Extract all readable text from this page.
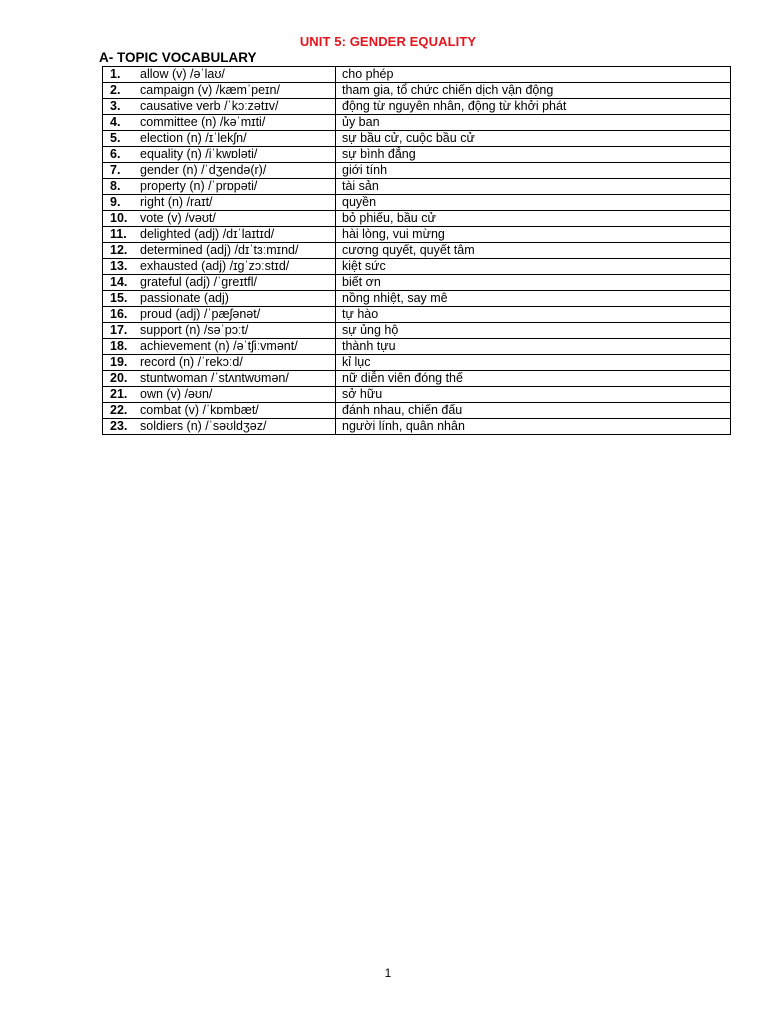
UNIT 5: GENDER EQUALITY
A- TOPIC VOCABULARY
1. allow (v) /əˈlaʊ/	cho phép
2. campaign (v) /kæmˈpeɪn/	tham gia, tổ chức chiến dịch vận động
3. causative verb /ˈkɔːzətɪv/	động từ nguyên nhân, động từ khởi phát
4. committee (n) /kəˈmɪti/	ủy ban
5. election (n) /ɪˈlekʃn/	sự bầu cử, cuộc bầu cử
6. equality (n) /iˈkwɒləti/	sự bình đẳng
7. gender (n) /ˈdʒendə(r)/	giới tính
8. property (n) /ˈprɒpəti/	tài sản
9. right (n) /raɪt/	quyền
10. vote (v) /vəʊt/	bỏ phiếu, bầu cử
11. delighted (adj) /dɪˈlaɪtɪd/	hài lòng, vui mừng
12. determined (adj) /dɪˈtɜːmɪnd/	cương quyết, quyết tâm
13. exhausted (adj) /ɪɡˈzɔːstɪd/	kiệt sức
14. grateful (adj) /ˈɡreɪtfl/	biết ơn
15. passionate (adj)	nồng nhiệt, say mê
16. proud (adj) /ˈpæʃənət/	tự hào
17. support (n) /səˈpɔːt/	sự ủng hộ
18. achievement (n) /əˈtʃiːvmənt/	thành tựu
19. record (n) /ˈrekɔːd/	kỉ lục
20. stuntwoman /ˈstʌntwʊmən/	nữ diễn viên đóng thế
21. own (v) /əʊn/	sở hữu
22. combat (v) /ˈkɒmbæt/	đánh nhau, chiến đấu
23. soldiers (n) /ˈsəʊldʒəz/	người lính, quân nhân
1
